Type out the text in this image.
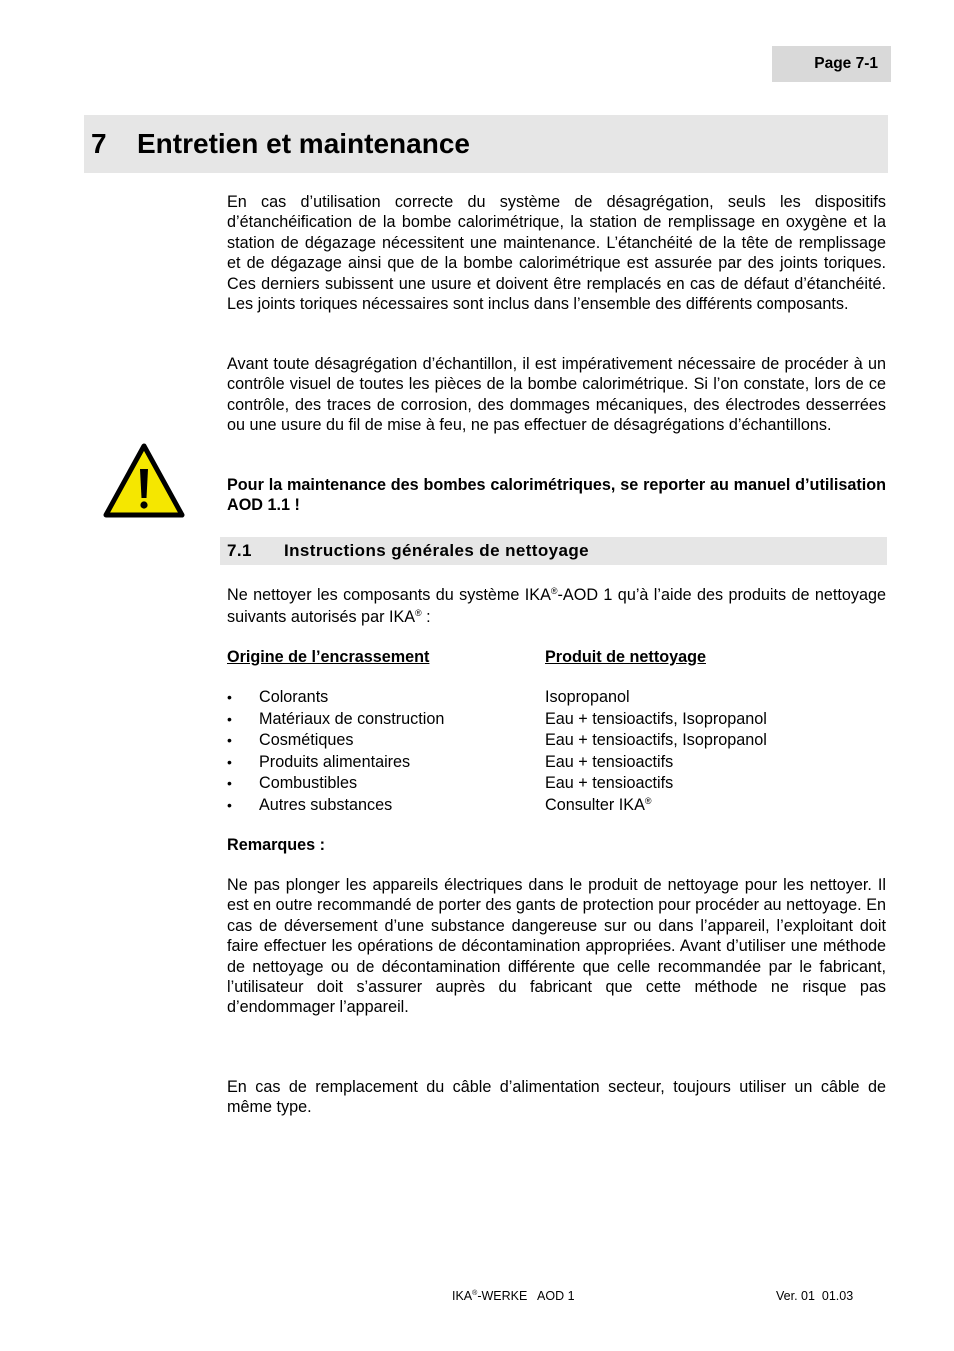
Page 7-1
7 Entretien et maintenance

En cas d’utilisation correcte du système de désagrégation, seuls les dispositifs d’étanchéification de la bombe calorimétrique, la station de remplissage en oxygène et la station de dégazage nécessitent une maintenance. L’étanchéité de la tête de remplissage et de dégazage ainsi que de la bombe calorimétrique est assurée par des joints toriques. Ces derniers subissent une usure et doivent être remplacés en cas de défaut d’étanchéité. Les joints toriques nécessaires sont inclus dans l’ensemble des différents composants.

Avant toute désagrégation d’échantillon, il est impérativement nécessaire de procéder à un contrôle visuel de toutes les pièces de la bombe calorimétrique. Si l’on constate, lors de ce contrôle, des traces de corrosion, des dommages mécaniques, des électrodes desserrées ou une usure du fil de mise à feu, ne pas effectuer de désagrégations d’échantillons.

Pour la maintenance des bombes calorimétriques, se reporter au manuel d’utilisation AOD 1.1 !

7.1 Instructions générales de nettoyage

Ne nettoyer les composants du système IKA®-AOD 1 qu’à l’aide des produits de nettoyage suivants autorisés par IKA® :

Origine de l’encrassement	Produit de nettoyage
• Colorants	Isopropanol
• Matériaux de construction	Eau + tensioactifs, Isopropanol
• Cosmétiques	Eau + tensioactifs, Isopropanol
• Produits alimentaires	Eau + tensioactifs
• Combustibles	Eau + tensioactifs
• Autres substances	Consulter IKA®
Remarques :

Ne pas plonger les appareils électriques dans le produit de nettoyage pour les nettoyer. Il est en outre recommandé de porter des gants de protection pour procéder au nettoyage. En cas de déversement d’une substance dangereuse sur ou dans l’appareil, l’exploitant doit faire effectuer les opérations de décontamination appropriées. Avant d’utiliser une méthode de nettoyage ou de décontamination différente que celle recommandée par le fabricant, l’utilisateur doit s’assurer auprès du fabricant que cette méthode ne risque pas d’endommager l’appareil.

En cas de remplacement du câble d’alimentation secteur, toujours utiliser un câble de même type.

IKA®-WERKE   AOD 1	Ver. 01  01.03
